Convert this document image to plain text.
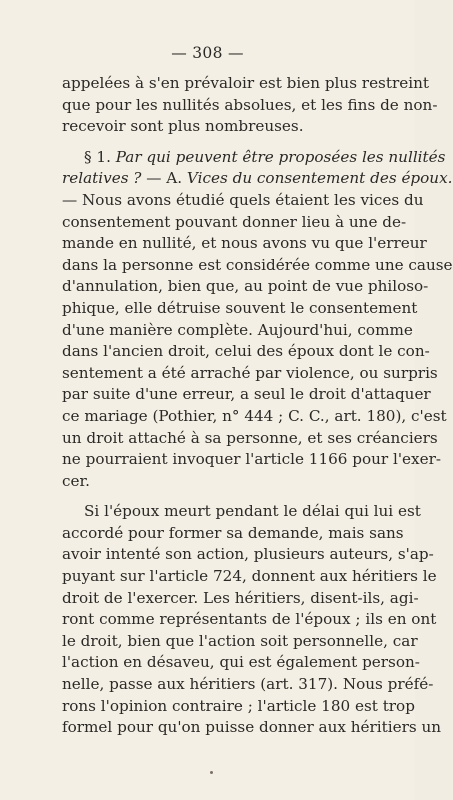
— 308 —
appelées à s'en prévaloir est bien plus restreint
que pour les nullités absolues, et les fins de non-
recevoir sont plus nombreuses.
§ 1. Par qui peuvent être proposées les nullités
relatives ? — A. Vices du consentement des époux.
— Nous avons étudié quels étaient les vices du
consentement pouvant donner lieu à une de-
mande en nullité, et nous avons vu que l'erreur
dans la personne est considérée comme une cause
d'annulation, bien que, au point de vue philoso-
phique, elle détruise souvent le consentement
d'une manière complète. Aujourd'hui, comme
dans l'ancien droit, celui des époux dont le con-
sentement a été arraché par violence, ou surpris
par suite d'une erreur, a seul le droit d'attaquer
ce mariage (Pothier, n° 444 ; C. C., art. 180), c'est
un droit attaché à sa personne, et ses créanciers
ne pourraient invoquer l'article 1166 pour l'exer-
cer.
Si l'époux meurt pendant le délai qui lui est
accordé pour former sa demande, mais sans
avoir intenté son action, plusieurs auteurs, s'ap-
puyant sur l'article 724, donnent aux héritiers le
droit de l'exercer. Les héritiers, disent-ils, agi-
ront comme représentants de l'époux ; ils en ont
le droit, bien que l'action soit personnelle, car
l'action en désaveu, qui est également person-
nelle, passe aux héritiers (art. 317). Nous préfé-
rons l'opinion contraire ; l'article 180 est trop
formel pour qu'on puisse donner aux héritiers un
